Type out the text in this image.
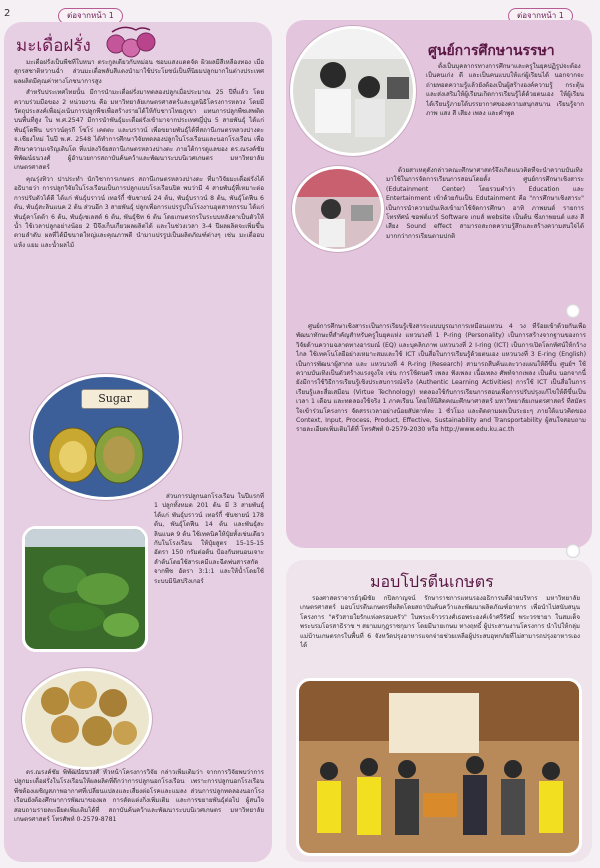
2	ต่อจากหน้า 1	ต่อจากหน้า 1
มะเดื่อฝรั่ง

มะเดื่อฝรั่งเป็นพืชที่ใบหนา ตระกูลเดียวกับหม่อน ชอบแสงแดดจัด ผิวผลมีสีเหลืองทอง เมื่อสุกรสชาติหวานฉ่ำ ส่วนมะเดื่อพลับสีแดงนำมาใช้ประโยชน์เป็นที่นิยมปลูกมากในต่างประเทศ ผลผลิตมีคุณค่าทางโภชนาการสูง

สำหรับประเทศไทยนั้น มีการนำมะเดื่อฝรั่งมาทดลองปลูกเมื่อประมาณ 25 ปีที่แล้ว โดยความร่วมมือของ 2 หน่วยงาน คือ มหาวิทยาลัยเกษตรศาสตร์และมูลนิธิโครงการหลวง โดยมีวัตถุประสงค์เพื่อมุ่งเน้นการปลูกพืชเพื่อสร้างรายได้ให้กับชาวไทยภูเขา แทนการปลูกพืชเสพติดบนพื้นที่สูง ใน พ.ศ.2547 มีการนำพันธุ์มะเดื่อฝรั่งเข้ามาจากประเทศญี่ปุ่น 5 สายพันธุ์ ได้แก่ พันธุ์โดฟีน บราวน์ตุรกี โซโร่ เคดตะ และบราวน์ เพื่อขยายพันธุ์ได้ที่สถานีเกษตรหลวงปางดะ จ.เชียงใหม่ ในปี พ.ศ. 2548 ได้ทำการศึกษาวิจัยทดลองปลูกในโรงเรือนและนอกโรงเรือน เพื่อศึกษาความเจริญเติบโต ที่แปลงวิจัยสถานีเกษตรหลวงปางดะ ภายใต้การดูแลของ ดร.ณรงค์ชัย พิพัฒน์ธนวงศ์ ผู้อำนวยการสถาบันค้นคว้าและพัฒนาระบบนิเวศเกษตร มหาวิทยาลัยเกษตรศาสตร์

คุณรุ่งทิวา ปาประทำ นักวิชาการเกษตร สถานีเกษตรหลวงปางดะ ที่มาวิจัยมะเดื่อฝรั่งได้อธิบายว่า การปลูกวิจัยในโรงเรือนเป็นการปลูกแบบโรงเรือนปิด พบว่ามี 4 สายพันธุ์ที่เหมาะต่อการปรับตัวได้ดี ได้แก่ พันธุ์บราวน์ เทอร์กี้ ซันชายน์ 24 ต้น, พันธุ์บราวน์ 8 ต้น, พันธุ์โดฟีน 6 ต้น, พันธุ์สะลินแนค 2 ต้น ส่วนอีก 3 สายพันธุ์ ปลูกเพื่อการแปรรูปในโรงงานอุตสาหกรรม ได้แก่ พันธุ์คาโดต้า 6 ต้น, พันธุ์เซเลสต์ 6 ต้น, พันธุ์ชิท 6 ต้น โดยเกษตรกรในระบบหลังคาเป็นตัวให้น้ำ ใช้เวลาปลูกอย่างน้อย 2 ปีจึงเก็บเกี่ยวผลผลิตได้ และในช่วงเวลา 3-4 ปีผลผลิตจะเพิ่มขึ้นตามลำดับ ผลที่ได้มีขนาดใหญ่และคุณภาพดี นำมาแปรรูปเป็นผลิตภัณฑ์ต่างๆ เช่น มะเดื่ออบแห้ง แยม และน้ำผลไม้

Sugar

ส่วนการปลูกนอกโรงเรือน ในปีแรกที่ 1 ปลูกทั้งหมด 201 ต้น มี 3 สายพันธุ์ ได้แก่ พันธุ์บราวน์ เทอร์กี้ ซันชายน์ 178 ต้น, พันธุ์โดฟีน 14 ต้น และพันธุ์สะลินแนค 9 ต้น ใช้เทคนิคให้ปุ๋ยทั้งเช่นเดียวกับในโรงเรือน ให้ปุ๋ยสูตร 15-15-15 อัตรา 150 กรัมต่อต้น ป้องกันหนอนเจาะลำต้นโดยใช้สารเคมีและฉีดพ่นสารสกัดจากพืช อัตรา 3:1:1 และให้น้ำโดยใช้ระบบมินิสปริงเกอร์

ดร.ณรงค์ชัย พิพัฒน์ธนวงศ์ หัวหน้าโครงการวิจัย กล่าวเพิ่มเติมว่า จากการวิจัยพบว่าการปลูกมะเดื่อฝรั่งในโรงเรือนให้ผลผลิตที่ดีกว่าการปลูกนอกโรงเรือน เพราะการปลูกนอกโรงเรือนพืชต้องเผชิญสภาพอากาศที่เปลี่ยนแปลงและเสี่ยงต่อโรคและแมลง ส่วนการปลูกทดลองนอกโรงเรือนยังต้องศึกษาการพัฒนาของผล การตัดแต่งกิ่งเพิ่มเติม และการขยายพันธุ์ต่อไป ผู้สนใจสอบถามรายละเอียดเพิ่มเติมได้ที่ สถาบันค้นคว้าและพัฒนาระบบนิเวศเกษตร มหาวิทยาลัยเกษตรศาสตร์ โทรศัพท์ 0-2579-8781

ศูนย์การศึกษานรรษา

ตั้งเป็นบุคลากรทางการศึกษาและครูในยุคปฏิรูปจะต้องเป็นคนเก่ง ดี และเป็นคนแบบให้แก่ผู้เรียนได้ นอกจากจะถ่ายทอดความรู้แล้วยังต้องเป็นผู้สร้างองค์ความรู้ กระตุ้น และส่งเสริมให้ผู้เรียนเกิดการเรียนรู้ได้ด้วยตนเอง ให้ผู้เรียนได้เรียนรู้ภายใต้บรรยากาศของความสนุกสนาน เรียนรู้จากภาพ แสง สี เสียง เพลง และคำพูด

ด้วยสาเหตุดังกล่าวคณะศึกษาศาสตร์จึงเกิดแนวคิดที่จะนำความบันเทิงมาใช้ในการจัดการเรียนการสอนโดยตั้ง ศูนย์การศึกษาเชิงสาระ (Edutainment Center) โดยรวมคำว่า Education และ Entertainment เข้าด้วยกันเป็น Edutainment คือ "การศึกษาเชิงสาระ" เป็นการนำความบันเทิงเข้ามาใช้จัดการศึกษา อาทิ ภาพยนต์ รายการโทรทัศน์ ซอฟต์แวร์ Software เกมส์ website เป็นต้น ซึ่งภาพยนต์ แสง สี เสียง Sound effect สามารถสะกดความรู้สึกและสร้างความสนใจได้มากกว่าการเรียนตามปกติ

ศูนย์การศึกษาเชิงสาระเป็นการเรียนรู้เชิงสาระแบบบูรณาการเหมือนแหวน 4 วง ที่ร้อยเข้าด้วยกันเพื่อพัฒนาทักษะที่สำคัญสำหรับครูในยุคแห่ง แหวนวงที่ 1 P-ring (Personality) เป็นการสร้างจากฐานของการวิจัยด้านความฉลาดทางอารมณ์ (EQ) และบุคลิกภาพ แหวนวงที่ 2 I-ring (ICT) เป็นการเปิดโลกทัศน์ให้กว้างไกล ใช้เทคโนโลยีอย่างเหมาะสมและใช้ ICT เป็นสื่อในการเรียนรู้ด้วยตนเอง แหวนวงที่ 3 E-ring (English) เป็นการพัฒนาผู้สากล และ แหวนวงที่ 4 R-ring (Research) สามารถสืบค้นและวางแผนให้ดีขึ้น ศูนย์ฯ ใช้ความบันเทิงเป็นตัวสร้างแรงจูงใจ เช่น การใช้ดนตรี เพลง ฟังเพลง เนื้อเพลง ศัพท์จากเพลง เป็นต้น นอกจากนี้ยังมีการใช้วิธีการเรียนรู้เชิงประสบการณ์จริง (Authentic Learning Activities) การใช้ ICT เป็นสื่อในการเรียนรู้และสื่อเสมือน (Virtue Technology) ทดลองใช้กับการเรียนการสอนเพื่อการปรับปรุงแก้ไขให้ดีขึ้นเป็นเวลา 1 เดือน และทดลองใช้จริง 1 ภาคเรียน โดยให้นิสิตคณะศึกษาศาสตร์ มหาวิทยาลัยเกษตรศาสตร์ ที่สมัครใจเข้าร่วมโครงการ จัดสรรเวลาอย่างน้อยสัปดาห์ละ 1 ชั่วโมง และติดตามผลเป็นระยะๆ ภายใต้แนวคิดของ Context, Input, Process, Product, Effective, Sustainability and Transportability ผู้สนใจสอบถามรายละเอียดเพิ่มเติมได้ที่ โทรศัพท์ 0-2579-2030 หรือ http://www.edu.ku.ac.th

มอบโปรตีนเกษตร

รองศาสตราจารย์วุฒิชัย กปิลกาญจน์ รักษาราชการแทนรองอธิการบดีฝ่ายบริหาร มหาวิทยาลัยเกษตรศาสตร์ มอบโปรตีนเกษตรที่ผลิตโดยสถาบันค้นคว้าและพัฒนาผลิตภัณฑ์อาหาร เพื่อนำไปสนับสนุนโครงการ "ครัวสายใยรักแห่งครอบครัว" ในพระเจ้าวรวงศ์เธอพระองค์เจ้าศรีรัศมิ์ พระวรชายา ในสมเด็จพระบรมโอรสาธิราช ฯ สยามมกุฎราชกุมาร โดยมีนายเกษม ทางฤทธิ์ ผู้ประสานงานโครงการ นำไปให้กลุ่มแม่บ้านเกษตรกรในพื้นที่ 6 จังหวัดปรุงอาหารแจกจ่ายช่วยเหลือผู้ประสบอุทกภัยที่ไม่สามารถปรุงอาหารเองได้
